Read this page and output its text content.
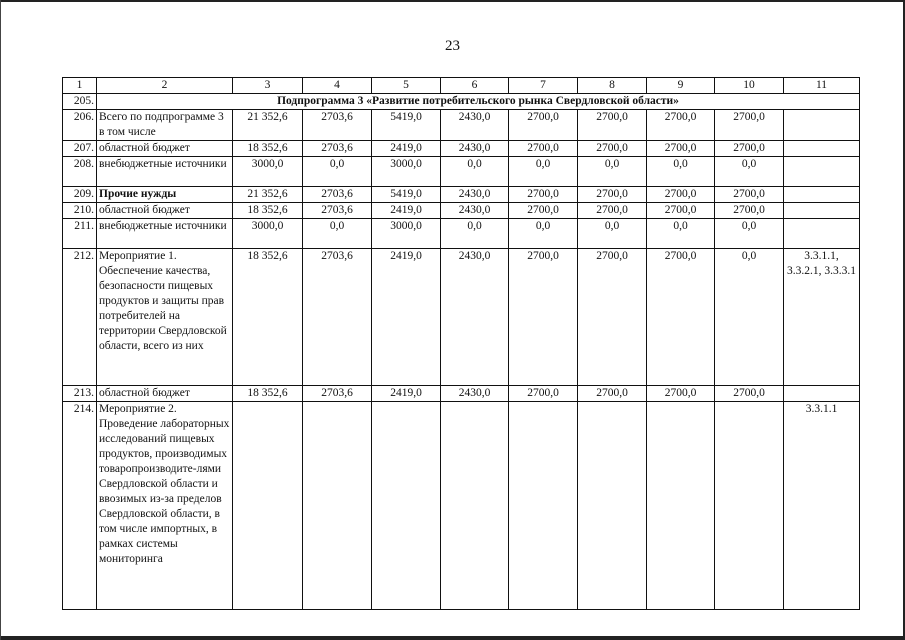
23
1	2	3	4	5	6	7	8	9	10	11
205.	Подпрограмма 3 «Развитие потребительского рынка Свердловской области»									
206.	Всего по подпрограмме 3 в том числе	21 352,6	2703,6	5419,0	2430,0	2700,0	2700,0	2700,0	2700,0	
207.	областной бюджет	18 352,6	2703,6	2419,0	2430,0	2700,0	2700,0	2700,0	2700,0	
208.	внебюджетные источники	3000,0	0,0	3000,0	0,0	0,0	0,0	0,0	0,0	
209.	Прочие нужды	21 352,6	2703,6	5419,0	2430,0	2700,0	2700,0	2700,0	2700,0	
210.	областной бюджет	18 352,6	2703,6	2419,0	2430,0	2700,0	2700,0	2700,0	2700,0	
211.	внебюджетные источники	3000,0	0,0	3000,0	0,0	0,0	0,0	0,0	0,0	
212.	Мероприятие 1. Обеспечение качества, безопасности пищевых продуктов и защиты прав потребителей на территории Свердловской области, всего из них	18 352,6	2703,6	2419,0	2430,0	2700,0	2700,0	2700,0	0,0	3.3.1.1, 3.3.2.1, 3.3.3.1
213.	областной бюджет	18 352,6	2703,6	2419,0	2430,0	2700,0	2700,0	2700,0	2700,0	
214.	Мероприятие 2. Проведение лабораторных исследований пищевых продуктов, производимых товаропроизводите-лями Свердловской области и ввозимых из-за пределов Свердловской области, в том числе импортных, в рамках системы мониторинга									3.3.1.1
